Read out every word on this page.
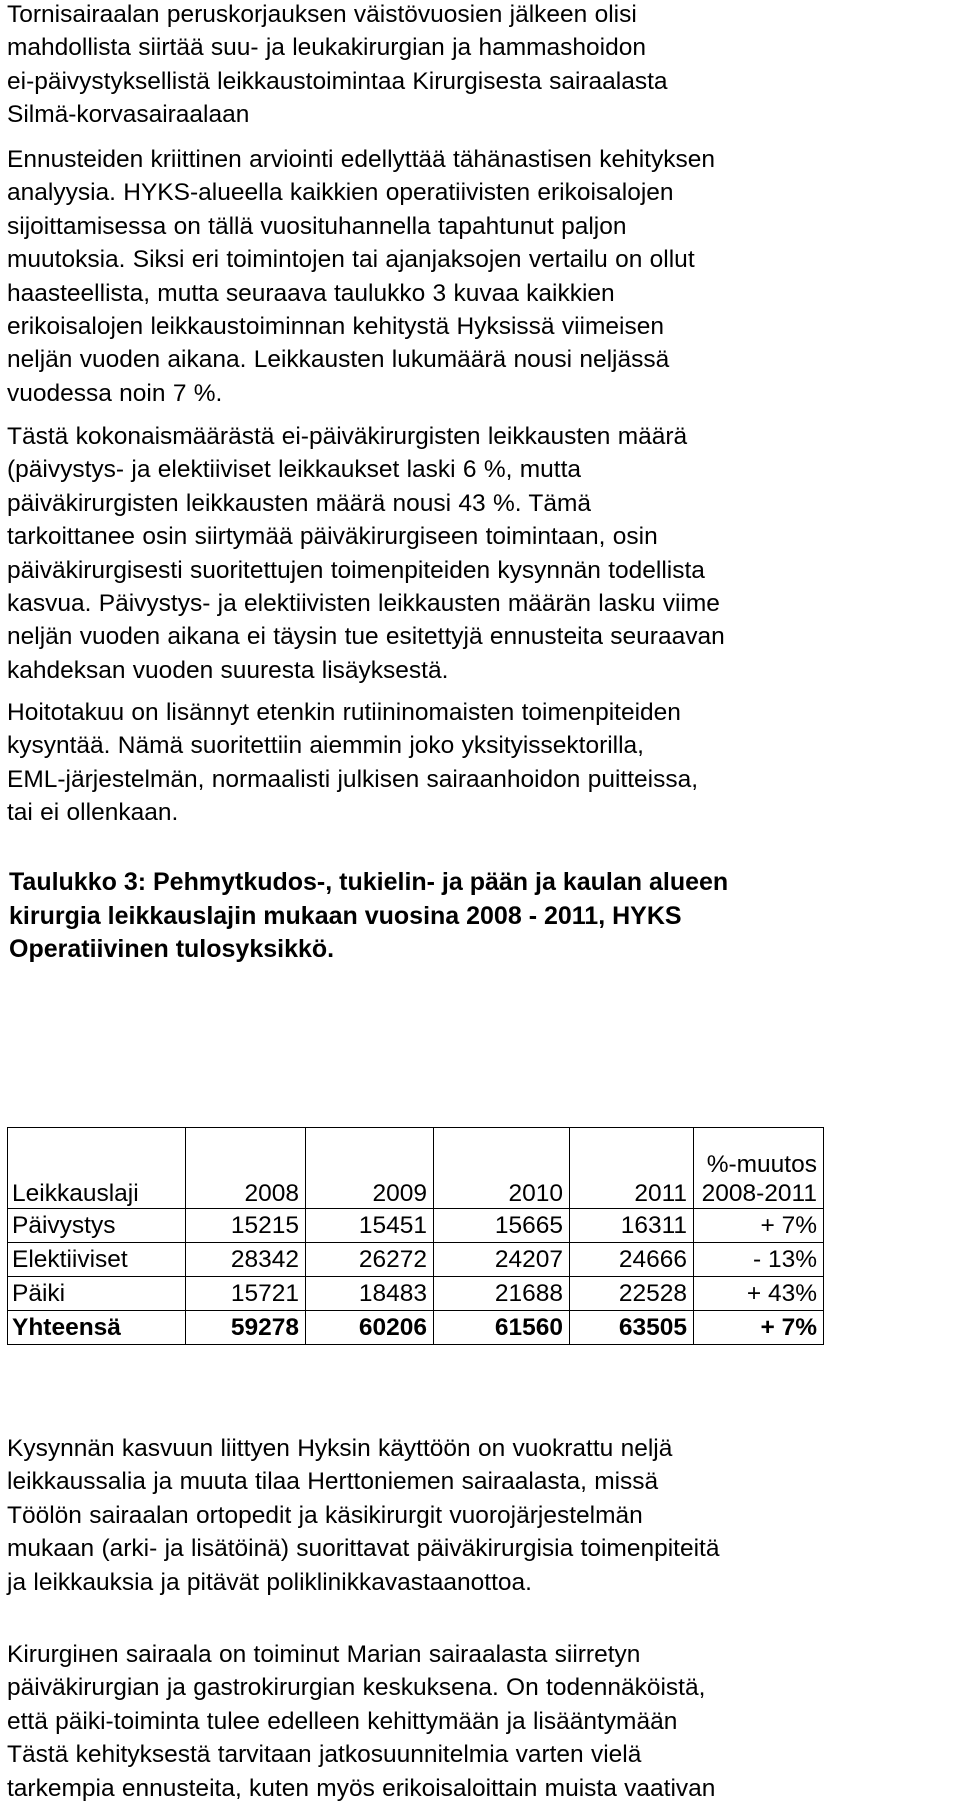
Tornisairaalan peruskorjauksen väistövuosien jälkeen olisi
mahdollista siirtää suu- ja leukakirurgian ja hammashoidon
ei-päivystyksellistä leikkaustoimintaa Kirurgisesta sairaalasta
Silmä-korvasairaalaan

Ennusteiden kriittinen arviointi edellyttää tähänastisen kehityksen
analyysia. HYKS-alueella kaikkien operatiivisten erikoisalojen
sijoittamisessa on tällä vuosituhannella tapahtunut paljon
muutoksia. Siksi eri toimintojen tai ajanjaksojen vertailu on ollut
haasteellista, mutta seuraava taulukko 3 kuvaa kaikkien
erikoisalojen leikkaustoiminnan kehitystä Hyksissä viimeisen
neljän vuoden aikana. Leikkausten lukumäärä nousi neljässä
vuodessa noin 7 %.

Tästä kokonaismäärästä ei-päiväkirurgisten leikkausten määrä
(päivystys- ja elektiiviset leikkaukset laski 6 %, mutta
päiväkirurgisten leikkausten määrä nousi 43 %. Tämä
tarkoittanee osin siirtymää päiväkirurgiseen toimintaan, osin
päiväkirurgisesti suoritettujen toimenpiteiden kysynnän todellista
kasvua. Päivystys- ja elektiivisten leikkausten määrän lasku viime
neljän vuoden aikana ei täysin tue esitettyjä ennusteita seuraavan
kahdeksan vuoden suuresta lisäyksestä.

Hoitotakuu on lisännyt etenkin rutiininomaisten toimenpiteiden
kysyntää. Nämä suoritettiin aiemmin joko yksityissektorilla,
EML-järjestelmän, normaalisti julkisen sairaanhoidon puitteissa,
tai ei ollenkaan.

Taulukko 3: Pehmytkudos-, tukielin- ja pään ja kaulan alueen
kirurgia leikkauslajin mukaan vuosina 2008 - 2011, HYKS
Operatiivinen tulosyksikkö.

Leikkauslaji	2008	2009	2010	2011	%-muutos
2008-2011

Päivystys	15215	15451	15665	16311	+ 7%
Elektiiviset	28342	26272	24207	24666	- 13%
Päiki	15721	18483	21688	22528	+ 43%
Yhteensä	59278	60206	61560	63505	+ 7%

Kysynnän kasvuun liittyen Hyksin käyttöön on vuokrattu neljä
leikkaussalia ja muuta tilaa Herttoniemen sairaalasta, missä
Töölön sairaalan ortopedit ja käsikirurgit vuorojärjestelmän
mukaan (arki- ja lisätöinä) suorittavat päiväkirurgisia toimenpiteitä
ja leikkauksia ja pitävät poliklinikkavastaanottoa.

Kirurgінen sairaala on toiminut Marian sairaalasta siirretyn
päiväkirurgian ja gastrokirurgian keskuksena. On todennäköistä,
että päiki-toiminta tulee edelleen kehittymään ja lisääntymään
Tästä kehityksestä tarvitaan jatkosuunnitelmia varten vielä
tarkempia ennusteita, kuten myös erikoisaloittain muista vaativan
